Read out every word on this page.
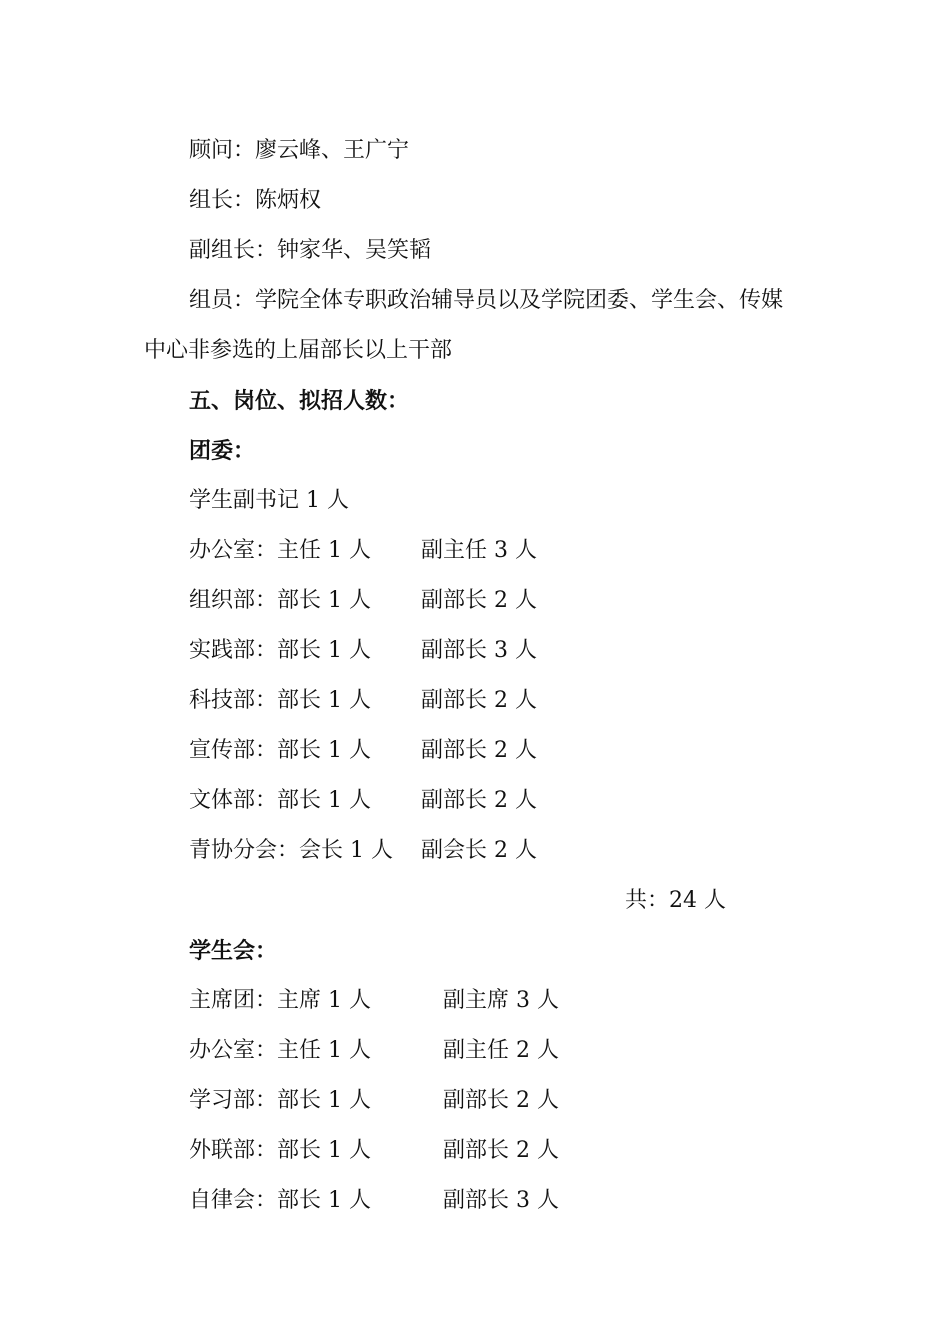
顾问：廖云峰、王广宁
组长：陈炳权
副组长：钟家华、吴笑韬
组员：学院全体专职政治辅导员以及学院团委、学生会、传媒
中心非参选的上届部长以上干部
五、岗位、拟招人数：
团委：
学生副书记 1 人
办公室：主任 1 人 副主任 3 人
组织部：部长 1 人 副部长 2 人
实践部：部长 1 人 副部长 3 人
科技部：部长 1 人 副部长 2 人
宣传部：部长 1 人 副部长 2 人
文体部：部长 1 人 副部长 2 人
青协分会：会长 1 人 副会长 2 人
共：24 人
学生会：
主席团：主席 1 人	副主席 3 人
办公室：主任 1 人	副主任 2 人
学习部：部长 1 人	副部长 2 人
外联部：部长 1 人	副部长 2 人
自律会：部长 1 人	副部长 3 人
